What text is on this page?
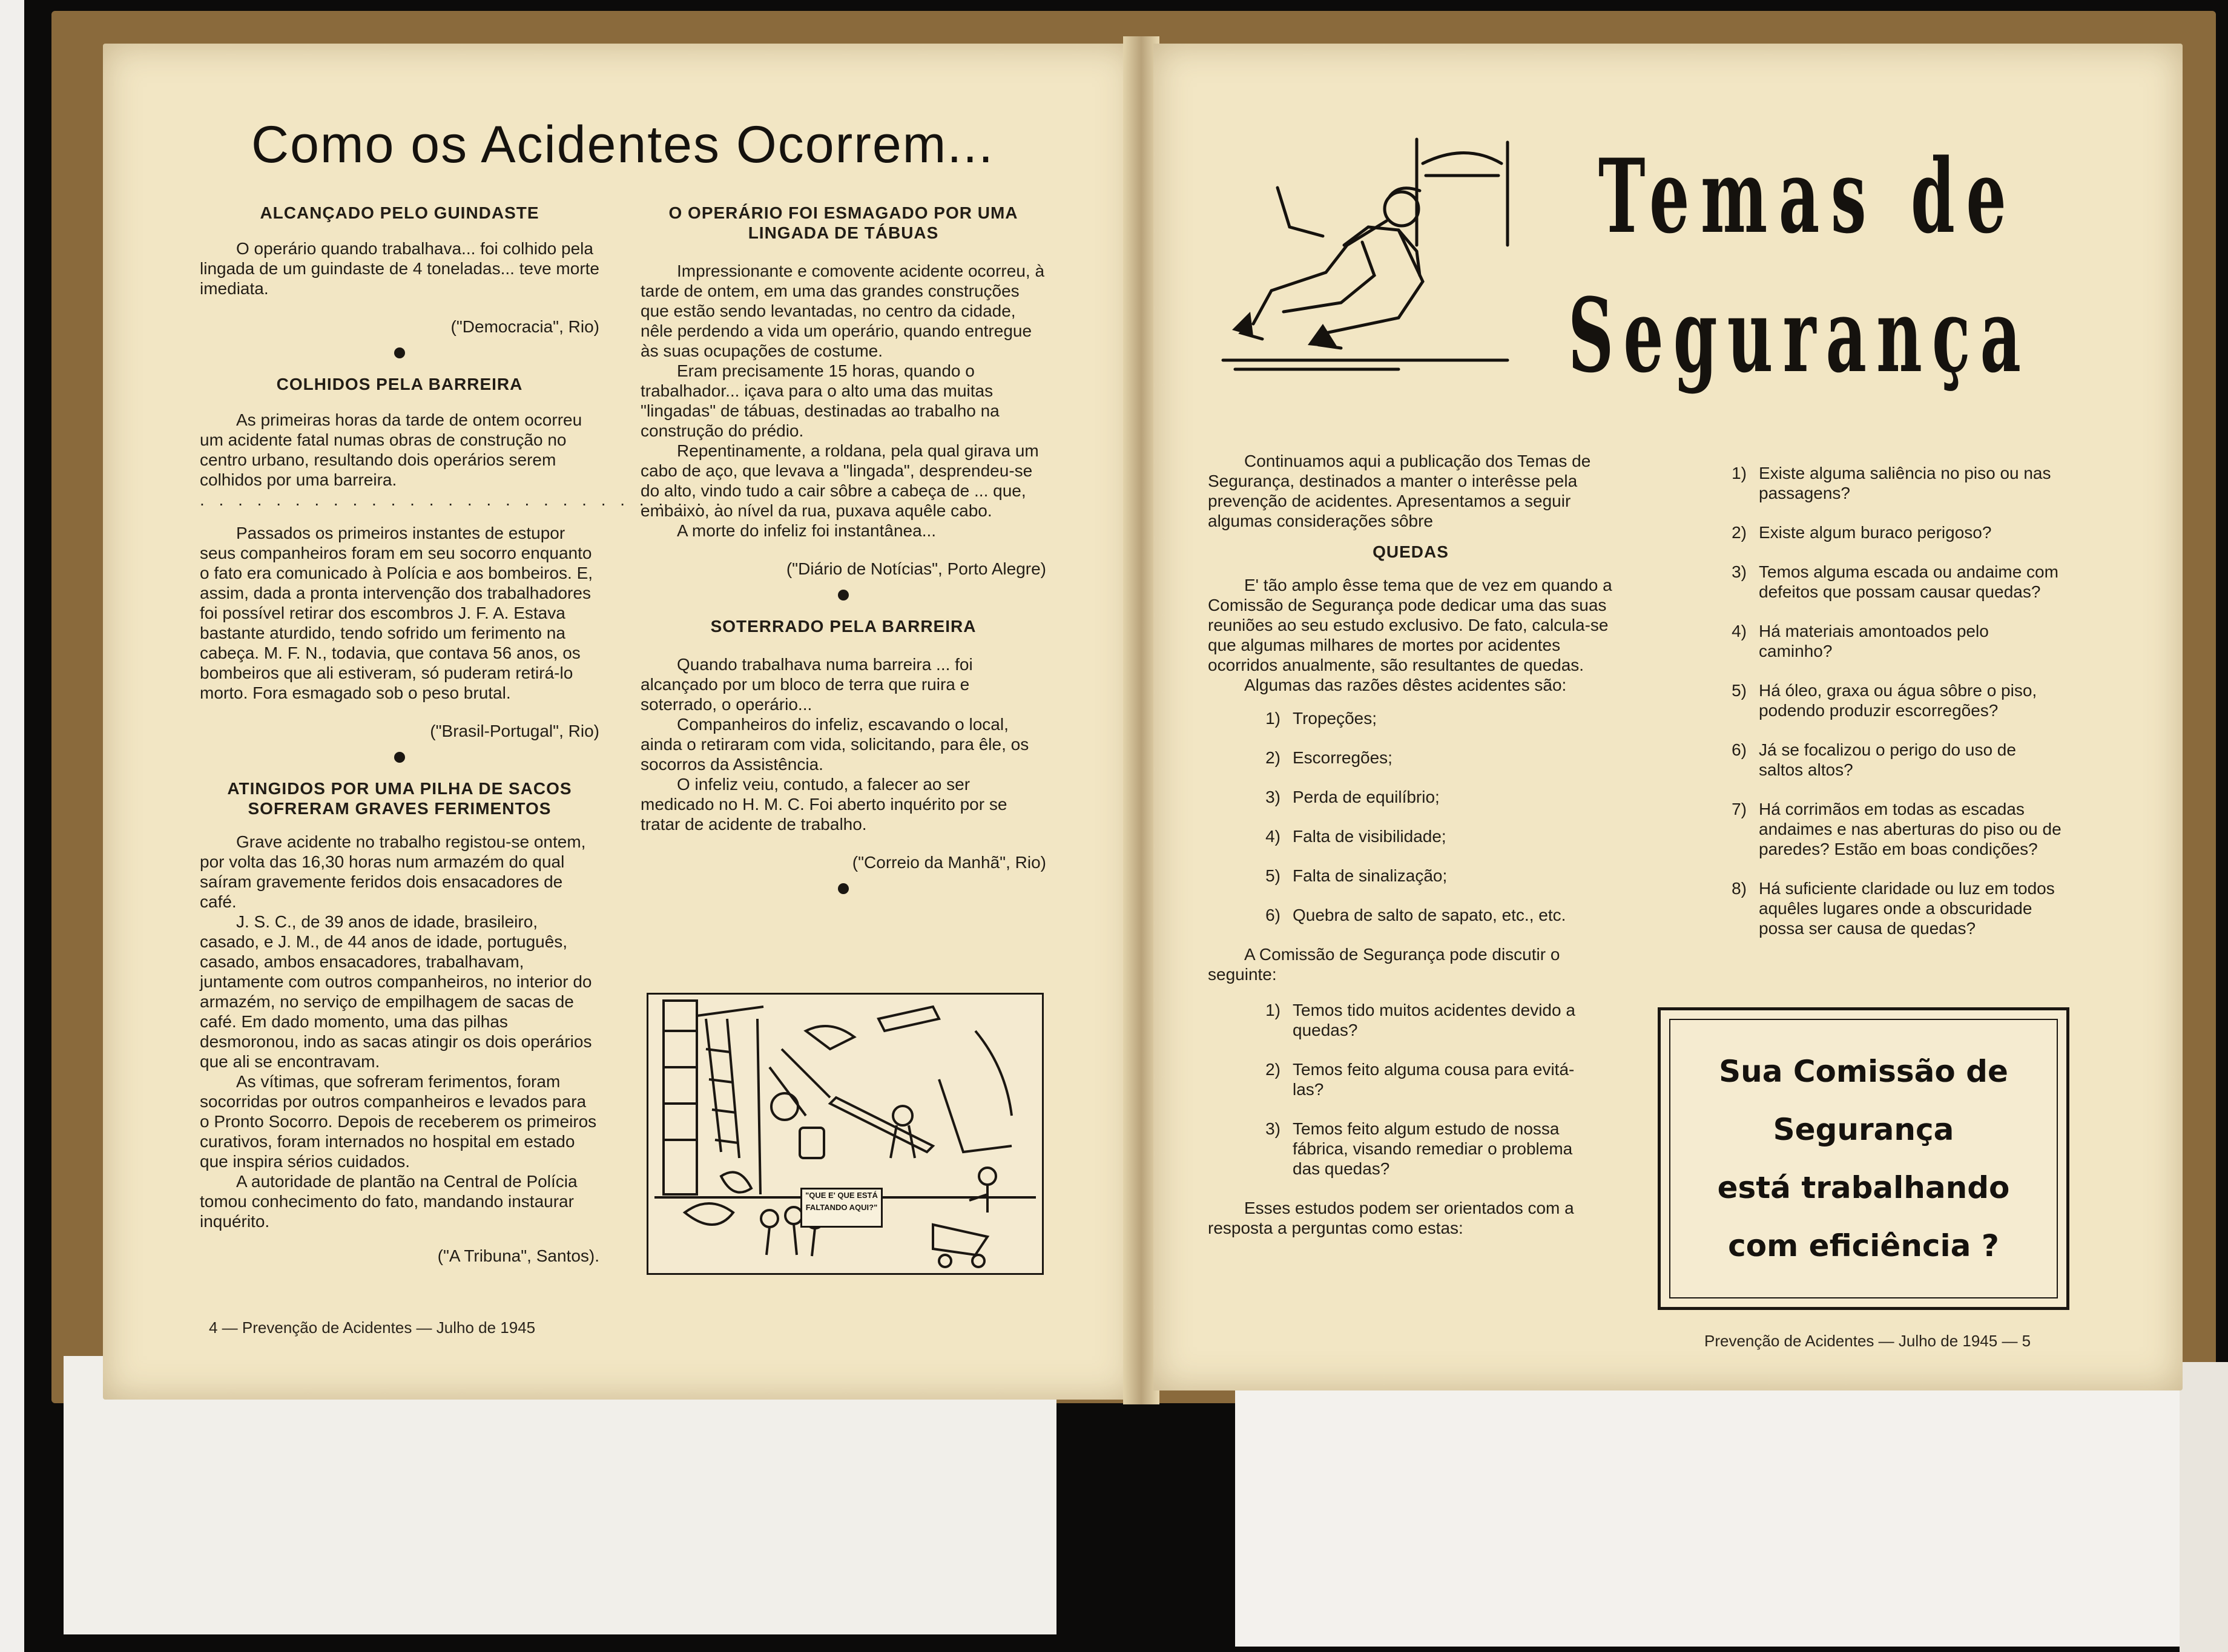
Como os Acidentes Ocorrem...
ALCANÇADO PELO GUINDASTE

O operário quando trabalhava... foi colhido pela lingada de um guindaste de 4 toneladas... teve morte imediata.

("Democracia", Rio)

COLHIDOS PELA BARREIRA

As primeiras horas da tarde de ontem ocorreu um acidente fatal numas obras de construção no centro urbano, resultando dois operários serem colhidos por uma barreira.

. . . . . . . . . . . . . . . . . . . . . . . . . . . .

Passados os primeiros instantes de estupor seus companheiros foram em seu socorro enquanto o fato era comunicado à Polícia e aos bombeiros. E, assim, dada a pronta intervenção dos trabalhadores foi possível retirar dos escombros J. F. A. Estava bastante aturdido, tendo sofrido um ferimento na cabeça. M. F. N., todavia, que contava 56 anos, os bombeiros que ali estiveram, só puderam retirá-lo morto. Fora esmagado sob o peso brutal.

("Brasil-Portugal", Rio)

ATINGIDOS POR UMA PILHA DE SACOS SOFRERAM GRAVES FERIMENTOS

Grave acidente no trabalho registou-se ontem, por volta das 16,30 horas num armazém do qual saíram gravemente feridos dois ensacadores de café.

J. S. C., de 39 anos de idade, brasileiro, casado, e J. M., de 44 anos de idade, português, casado, ambos ensacadores, trabalhavam, juntamente com outros companheiros, no interior do armazém, no serviço de empilhagem de sacas de café. Em dado momento, uma das pilhas desmoronou, indo as sacas atingir os dois operários que ali se encontravam.

As vítimas, que sofreram ferimentos, foram socorridas por outros companheiros e levados para o Pronto Socorro. Depois de receberem os primeiros curativos, foram internados no hospital em estado que inspira sérios cuidados.

A autoridade de plantão na Central de Polícia tomou conhecimento do fato, mandando instaurar inquérito.

("A Tribuna", Santos).

O OPERÁRIO FOI ESMAGADO POR UMA LINGADA DE TÁBUAS

Impressionante e comovente acidente ocorreu, à tarde de ontem, em uma das grandes construções que estão sendo levantadas, no centro da cidade, nêle perdendo a vida um operário, quando entregue às suas ocupações de costume.

Eram precisamente 15 horas, quando o trabalhador... içava para o alto uma das muitas "lingadas" de tábuas, destinadas ao trabalho na construção do prédio.

Repentinamente, a roldana, pela qual girava um cabo de aço, que levava a "lingada", desprendeu-se do alto, vindo tudo a cair sôbre a cabeça de ... que, embaixo, ao nível da rua, puxava aquêle cabo.

A morte do infeliz foi instantânea...

("Diário de Notícias", Porto Alegre)

SOTERRADO PELA BARREIRA

Quando trabalhava numa barreira ... foi alcançado por um bloco de terra que ruira e soterrado, o operário...

Companheiros do infeliz, escavando o local, ainda o retiraram com vida, solicitando, para êle, os socorros da Assistência.

O infeliz veiu, contudo, a falecer ao ser medicado no H. M. C. Foi aberto inquérito por se tratar de acidente de trabalho.

("Correio da Manhã", Rio)

"QUE E' QUE ESTÁ FALTANDO AQUI?"
4 — Prevenção de Acidentes — Julho de 1945
Temas de
Segurança

Continuamos aqui a publicação dos Temas de Segurança, destinados a manter o interêsse pela prevenção de acidentes. Apresentamos a seguir algumas considerações sôbre

QUEDAS

E' tão amplo êsse tema que de vez em quando a Comissão de Segurança pode dedicar uma das suas reuniões ao seu estudo exclusivo. De fato, calcula-se que algumas milhares de mortes por acidentes ocorridos anualmente, são resultantes de quedas.

Algumas das razões dêstes acidentes são:

1) Tropeções;
2) Escorregões;
3) Perda de equilíbrio;
4) Falta de visibilidade;
5) Falta de sinalização;
6) Quebra de salto de sapato, etc., etc.

A Comissão de Segurança pode discutir o seguinte:

1) Temos tido muitos acidentes devido a quedas?
2) Temos feito alguma cousa para evitá-las?
3) Temos feito algum estudo de nossa fábrica, visando remediar o problema das quedas?

Esses estudos podem ser orientados com a resposta a perguntas como estas:

1) Existe alguma saliência no piso ou nas passagens?
2) Existe algum buraco perigoso?
3) Temos alguma escada ou andaime com defeitos que possam causar quedas?
4) Há materiais amontoados pelo caminho?
5) Há óleo, graxa ou água sôbre o piso, podendo produzir escorregões?
6) Já se focalizou o perigo do uso de saltos altos?
7) Há corrimãos em todas as escadas andaimes e nas aberturas do piso ou de paredes? Estão em boas condições?
8) Há suficiente claridade ou luz em todos aquêles lugares onde a obscuridade possa ser causa de quedas?
Sua Comissão de
Segurança
está trabalhando
com eficiência ?
Prevenção de Acidentes — Julho de 1945 — 5
